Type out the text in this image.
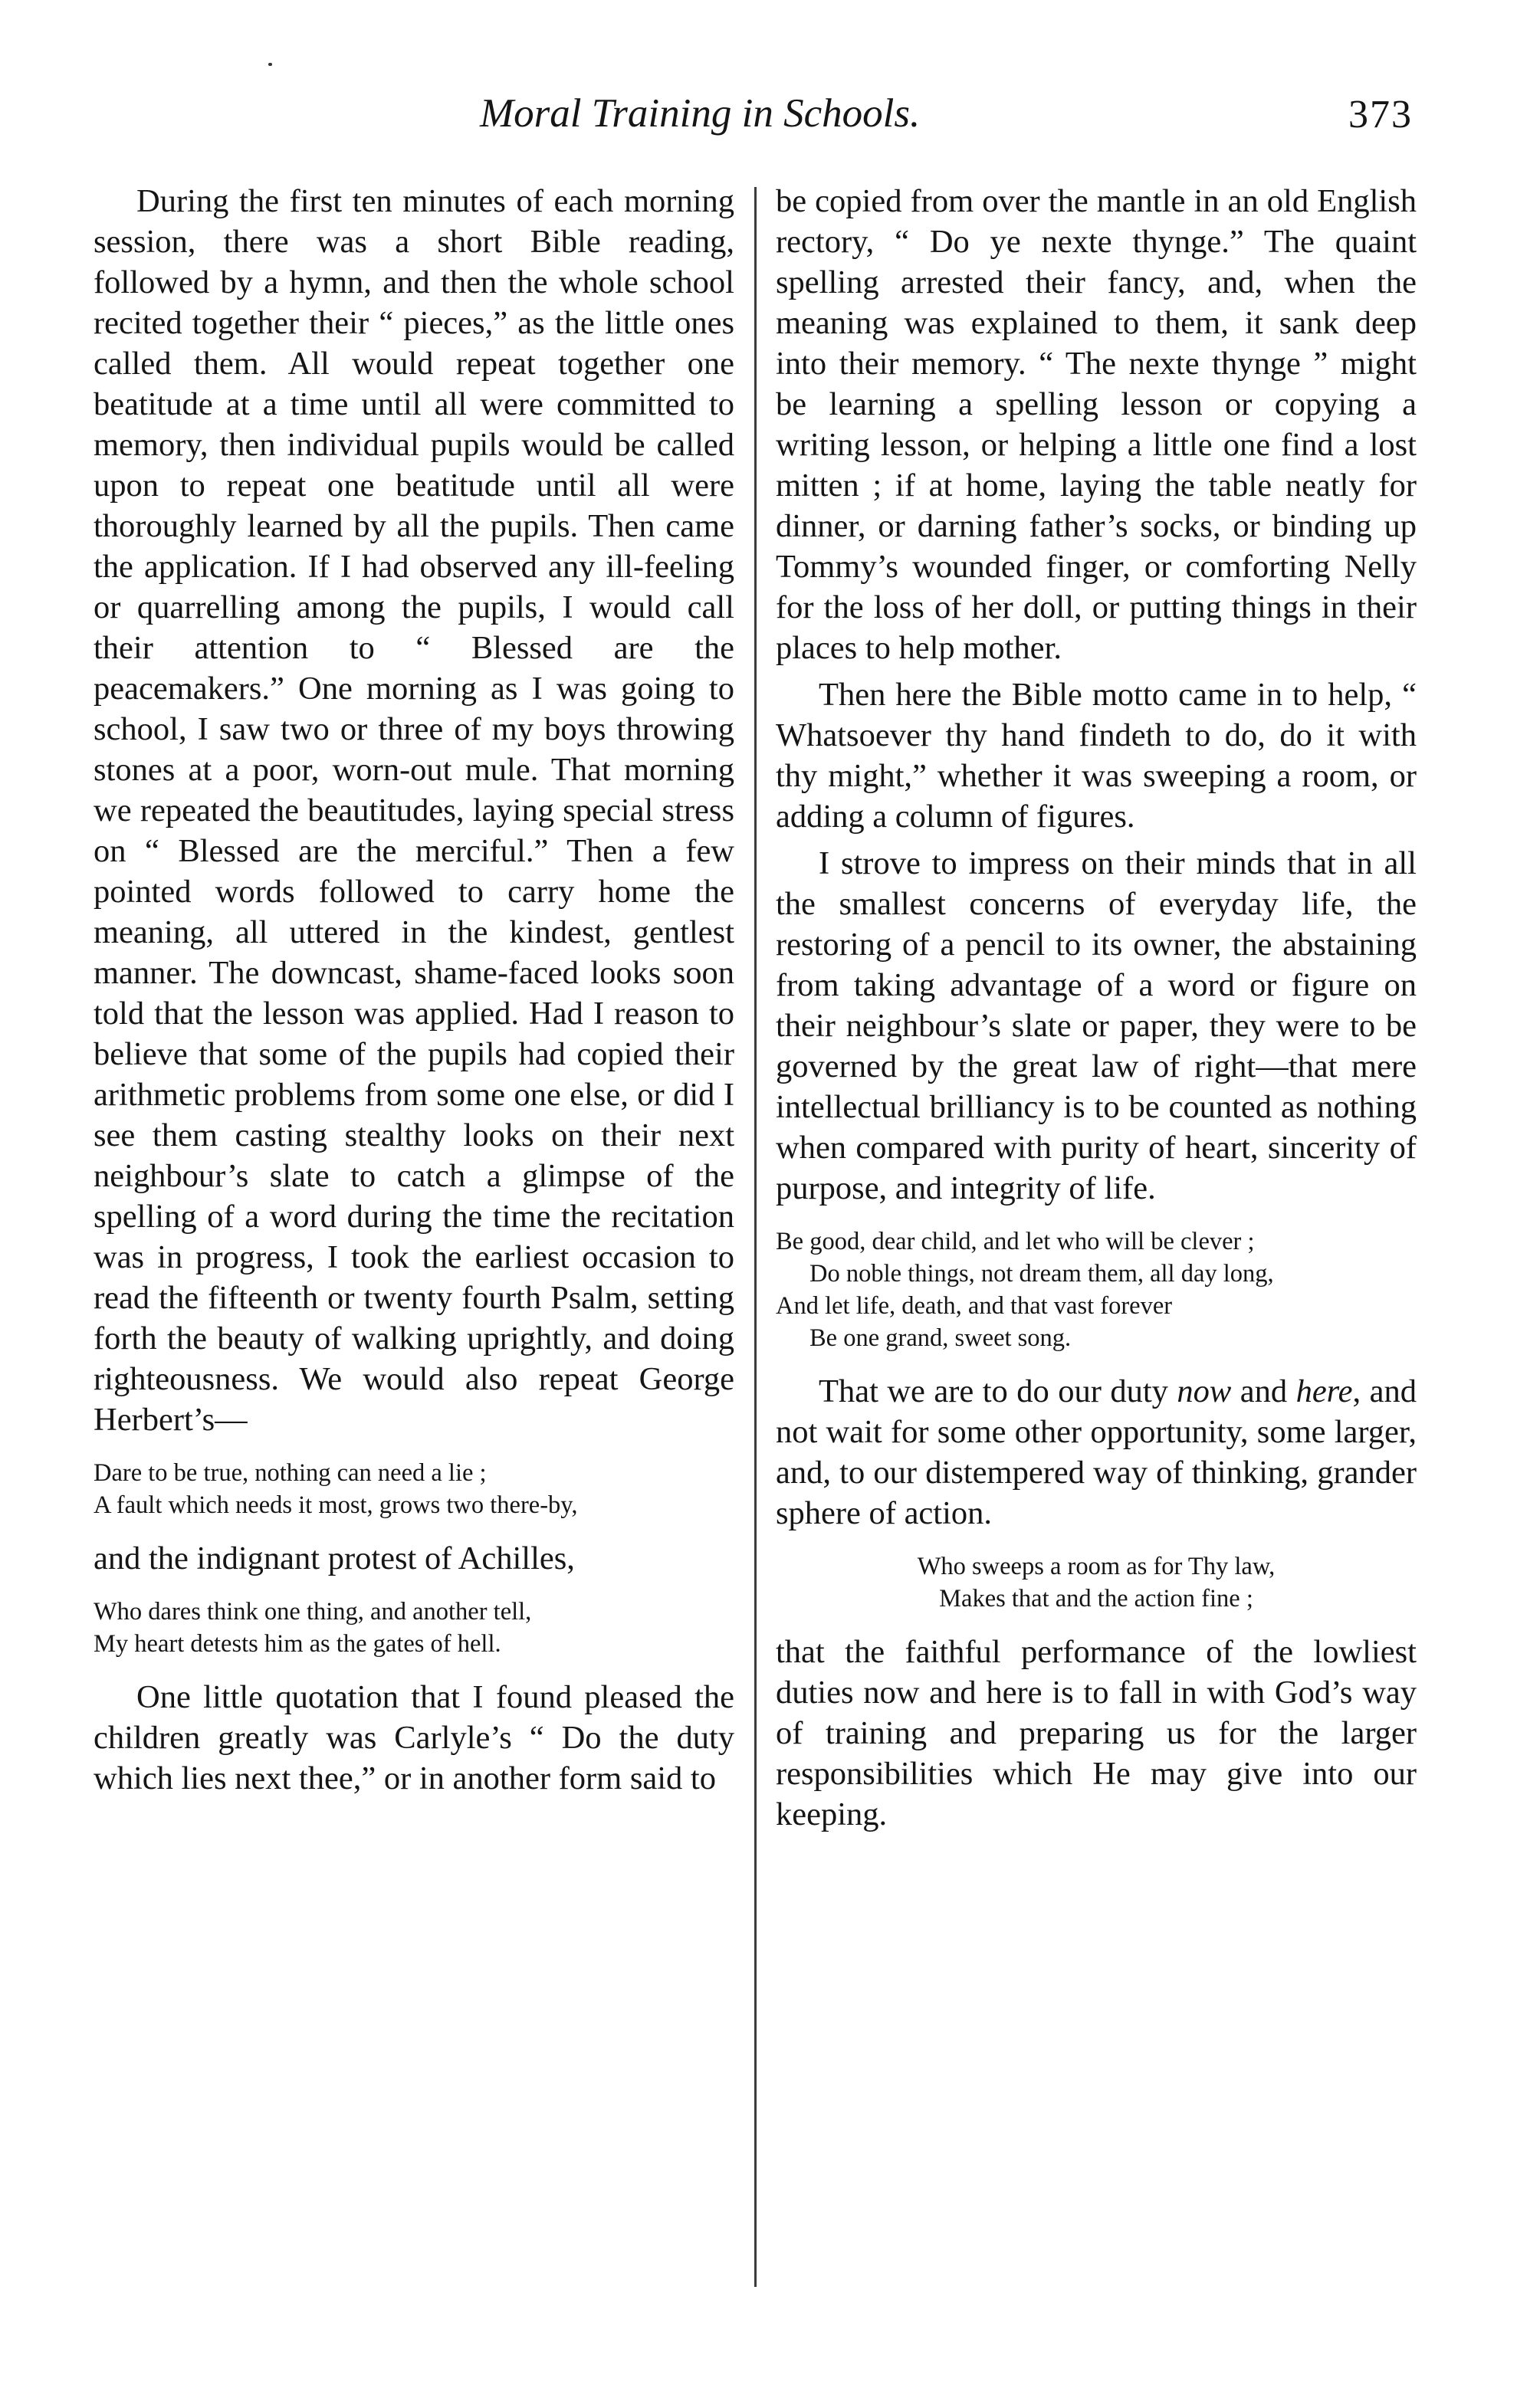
Moral Training in Schools.	373

During the first ten minutes of each morning session, there was a short Bible reading, followed by a hymn, and then the whole school recited together their “ pieces,” as the little ones called them. All would repeat together one beatitude at a time until all were committed to memory, then individual pupils would be called upon to repeat one beatitude until all were thoroughly learned by all the pupils. Then came the application. If I had observed any ill-feeling or quarrelling among the pupils, I would call their attention to “ Blessed are the peacemakers.” One morning as I was going to school, I saw two or three of my boys throwing stones at a poor, worn-out mule. That morning we repeated the beautitudes, laying special stress on “ Blessed are the merciful.” Then a few pointed words followed to carry home the meaning, all uttered in the kindest, gentlest manner. The downcast, shame-faced looks soon told that the lesson was applied. Had I reason to believe that some of the pupils had copied their arithmetic problems from some one else, or did I see them casting stealthy looks on their next neighbour’s slate to catch a glimpse of the spelling of a word during the time the recitation was in progress, I took the earliest occasion to read the fifteenth or twenty fourth Psalm, setting forth the beauty of walking uprightly, and doing righteousness. We would also repeat George Herbert’s—

Dare to be true, nothing can need a lie ;
A fault which needs it most, grows two there-by,

and the indignant protest of Achilles,

Who dares think one thing, and another tell,
My heart detests him as the gates of hell.

One little quotation that I found pleased the children greatly was Carlyle’s “ Do the duty which lies next thee,” or in another form said to

be copied from over the mantle in an old English rectory, “ Do ye nexte thynge.” The quaint spelling arrested their fancy, and, when the meaning was explained to them, it sank deep into their memory. “ The nexte thynge ” might be learning a spelling lesson or copying a writing lesson, or helping a little one find a lost mitten ; if at home, laying the table neatly for dinner, or darning father’s socks, or binding up Tommy’s wounded finger, or comforting Nelly for the loss of her doll, or putting things in their places to help mother.

Then here the Bible motto came in to help, “ Whatsoever thy hand findeth to do, do it with thy might,” whether it was sweeping a room, or adding a column of figures.

I strove to impress on their minds that in all the smallest concerns of everyday life, the restoring of a pencil to its owner, the abstaining from taking advantage of a word or figure on their neighbour’s slate or paper, they were to be governed by the great law of right—that mere intellectual brilliancy is to be counted as nothing when compared with purity of heart, sincerity of purpose, and integrity of life.

Be good, dear child, and let who will be clever ;
Do noble things, not dream them, all day long,
And let life, death, and that vast forever
Be one grand, sweet song.

That we are to do our duty now and here, and not wait for some other opportunity, some larger, and, to our distempered way of thinking, grander sphere of action.

Who sweeps a room as for Thy law,
Makes that and the action fine ;

that the faithful performance of the lowliest duties now and here is to fall in with God’s way of training and preparing us for the larger responsibilities which He may give into our keeping.
